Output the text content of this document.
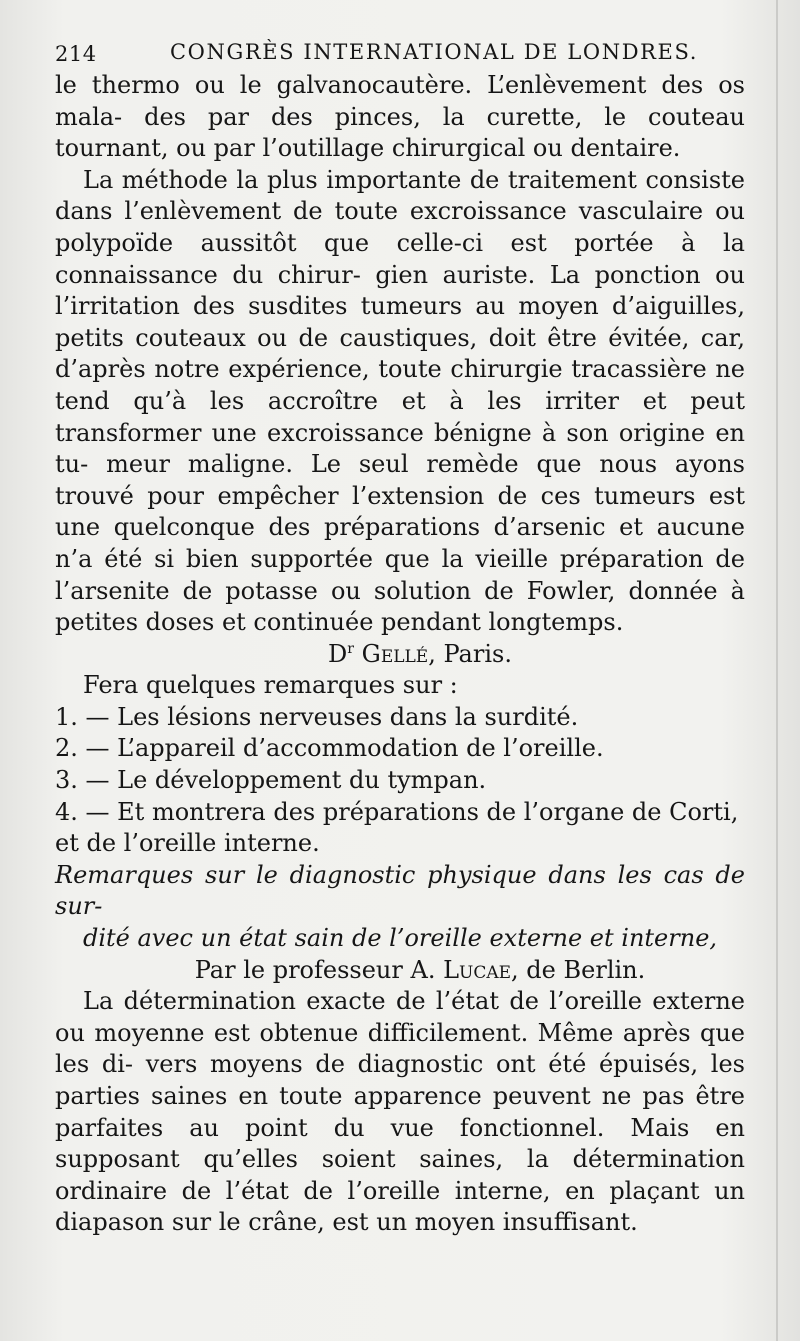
214	CONGRÈS INTERNATIONAL DE LONDRES.

le thermo ou le galvanocautère. L’enlèvement des os mala- des par des pinces, la curette, le couteau tournant, ou par l’outillage chirurgical ou dentaire.

La méthode la plus importante de traitement consiste dans l’enlèvement de toute excroissance vasculaire ou polypoïde aussitôt que celle-ci est portée à la connaissance du chirur- gien auriste. La ponction ou l’irritation des susdites tumeurs au moyen d’aiguilles, petits couteaux ou de caustiques, doit être évitée, car, d’après notre expérience, toute chirurgie tracassière ne tend qu’à les accroître et à les irriter et peut transformer une excroissance bénigne à son origine en tu- meur maligne. Le seul remède que nous ayons trouvé pour empêcher l’extension de ces tumeurs est une quelconque des préparations d’arsenic et aucune n’a été si bien supportée que la vieille préparation de l’arsenite de potasse ou solution de Fowler, donnée à petites doses et continuée pendant longtemps.

$D^r$ Gellé, Paris.

Fera quelques remarques sur :

1. — Les lésions nerveuses dans la surdité.

2. — L’appareil d’accommodation de l’oreille.

3. — Le développement du tympan.

4. — Et montrera des préparations de l’organe de Corti,

et de l’oreille interne.

Remarques sur le diagnostic physique dans les cas de sur-
dité avec un état sain de l’oreille externe et interne,

Par le professeur A. Lucae, de Berlin.

La détermination exacte de l’état de l’oreille externe ou moyenne est obtenue difficilement. Même après que les di- vers moyens de diagnostic ont été épuisés, les parties saines en toute apparence peuvent ne pas être parfaites au point du vue fonctionnel. Mais en supposant qu’elles soient saines, la détermination ordinaire de l’état de l’oreille interne, en plaçant un diapason sur le crâne, est un moyen insuffisant.
